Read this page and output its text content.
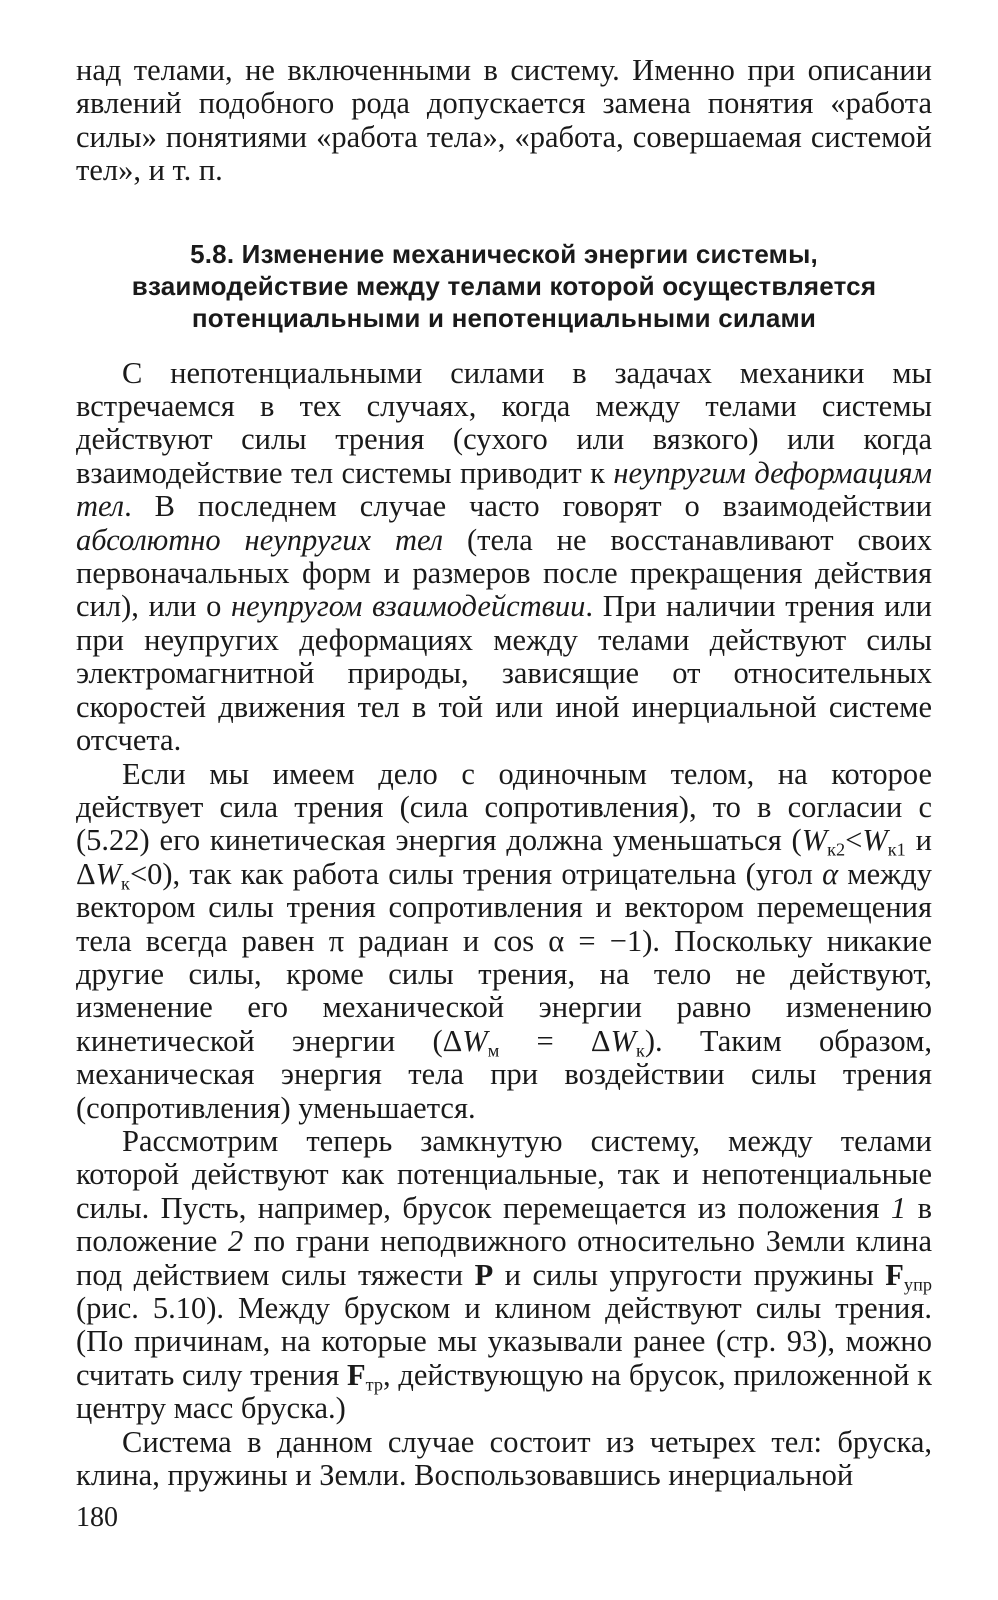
над телами, не включенными в систему. Именно при описании явлений подобного рода допускается замена понятия «работа силы» понятиями «работа тела», «работа, совершаемая системой тел», и т. п.

5.8. Изменение механической энергии системы,
взаимодействие между телами которой осуществляется
потенциальными и непотенциальными силами

С непотенциальными силами в задачах механики мы встречаемся в тех случаях, когда между телами системы действуют силы трения (сухого или вязкого) или когда взаимодействие тел системы приводит к неупругим деформациям тел. В последнем случае часто говорят о взаимодействии абсолютно неупругих тел (тела не восстанавливают своих первоначальных форм и размеров после прекращения действия сил), или о неупругом взаимодействии. При наличии трения или при неупругих деформациях между телами действуют силы электромагнитной природы, зависящие от относительных скоростей движения тел в той или иной инерциальной системе отсчета.

Если мы имеем дело с одиночным телом, на которое действует сила трения (сила сопротивления), то в согласии с (5.22) его кинетическая энергия должна уменьшаться ($W_{к2}<W_{к1}$ и $\Delta W_к<0$), так как работа силы трения отрицательна (угол α между вектором силы трения сопротивления и вектором перемещения тела всегда равен π радиан и cos α = −1). Поскольку никакие другие силы, кроме силы трения, на тело не действуют, изменение его механической энергии равно изменению кинетической энергии $(\Delta W_м = \Delta W_к)$. Таким образом, механическая энергия тела при воздействии силы трения (сопротивления) уменьшается.

Рассмотрим теперь замкнутую систему, между телами которой действуют как потенциальные, так и непотенциальные силы. Пусть, например, брусок перемещается из положения 1 в положение 2 по грани неподвижного относительно Земли клина под действием силы тяжести P и силы упругости пружины $F_{упр}$ (рис. 5.10). Между бруском и клином действуют силы трения. (По причинам, на которые мы указывали ранее (стр. 93), можно считать силу трения $F_{тр}$, действующую на брусок, приложенной к центру масс бруска.)

Система в данном случае состоит из четырех тел: бруска, клина, пружины и Земли. Воспользовавшись инерциальной

180
